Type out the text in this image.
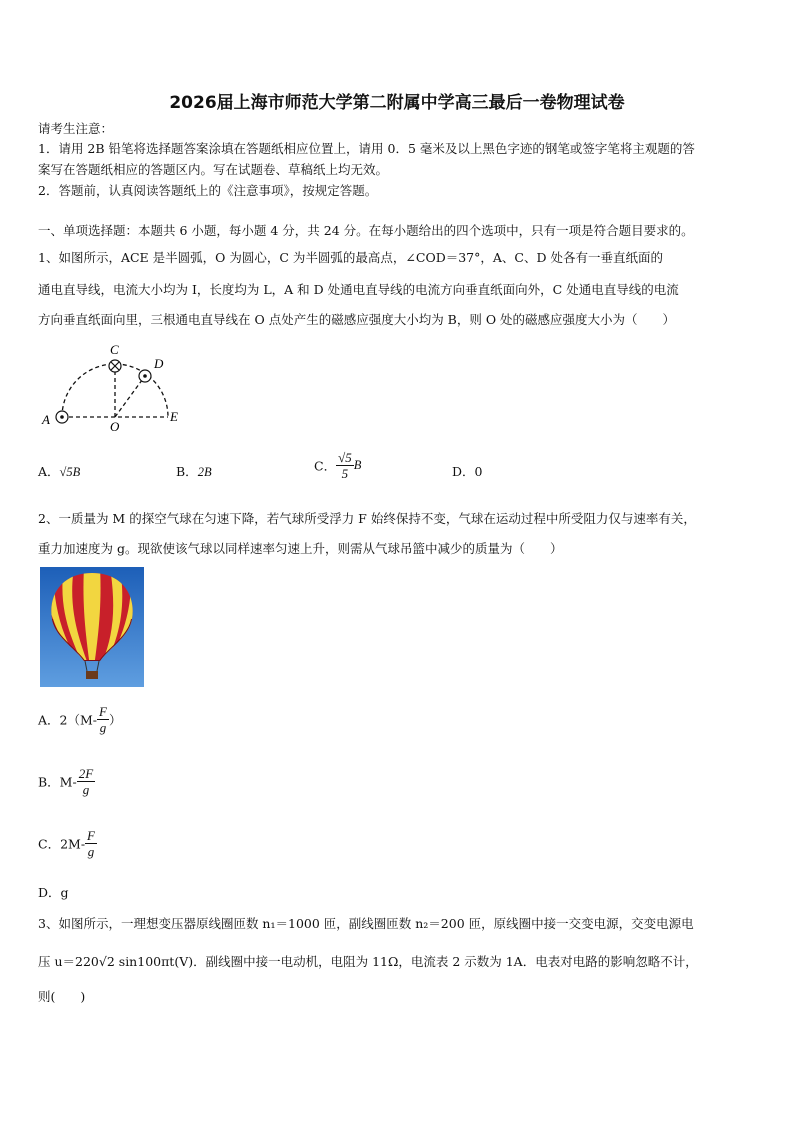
2026届上海市师范大学第二附属中学高三最后一卷物理试卷
请考生注意：
1．请用 2B 铅笔将选择题答案涂填在答题纸相应位置上，请用 0．5 毫米及以上黑色字迹的钢笔或签字笔将主观题的答
案写在答题纸相应的答题区内。写在试题卷、草稿纸上均无效。
2．答题前，认真阅读答题纸上的《注意事项》，按规定答题。
一、单项选择题：本题共 6 小题，每小题 4 分，共 24 分。在每小题给出的四个选项中，只有一项是符合题目要求的。
1、如图所示，ACE 是半圆弧，O 为圆心，C 为半圆弧的最高点，∠COD＝37°，A、C、D 处各有一垂直纸面的
通电直导线，电流大小均为 I，长度均为 L，A 和 D 处通电直导线的电流方向垂直纸面向外，C 处通电直导线的电流
方向垂直纸面向里，三根通电直导线在 O 点处产生的磁感应强度大小均为 B，则 O 处的磁感应强度大小为（　　）
A
C
D
E
O
A．√5B	B．2B	C． $\frac{√5}{5}$ B	D．0
2、一质量为 M 的探空气球在匀速下降，若气球所受浮力 F 始终保持不变，气球在运动过程中所受阻力仅与速率有关，
重力加速度为 g。现欲使该气球以同样速率匀速上升，则需从气球吊篮中减少的质量为（　　）
A．$2(M- \frac{F}{g}$ ）
B．$M- \frac{2F}{g}$
C．$2M- \frac{F}{g}$
D．g
3、如图所示，一理想变压器原线圈匝数 n₁＝1000 匝，副线圈匝数 n₂＝200 匝，原线圈中接一交变电源，交变电源电
压 u＝220√2 sin100πt(V)．副线圈中接一电动机，电阻为 11Ω，电流表 2 示数为 1A．电表对电路的影响忽略不计，
则(　　)
